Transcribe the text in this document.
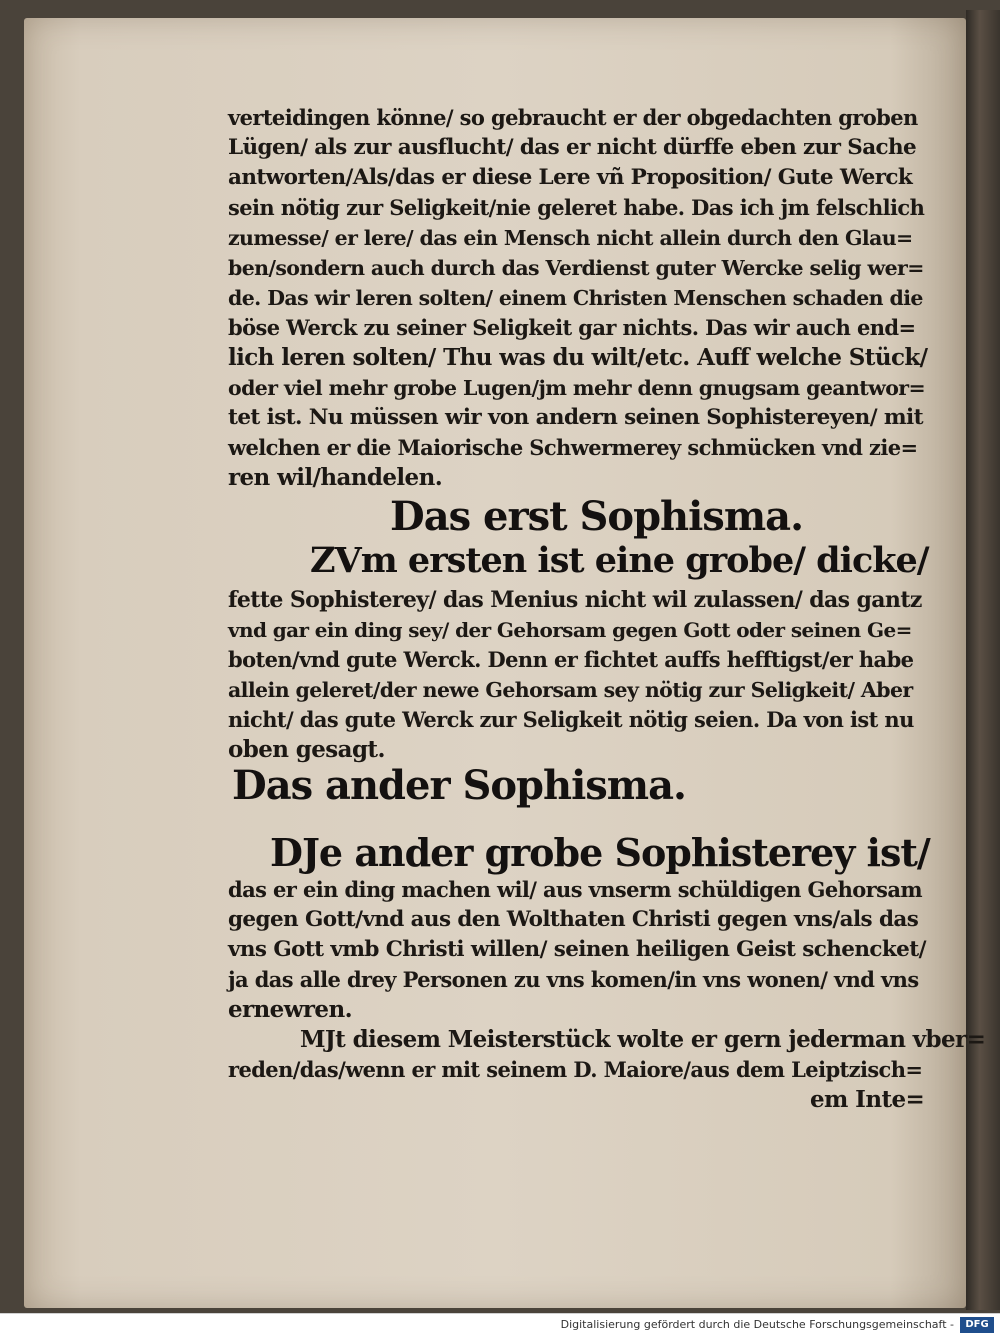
verteidingen könne/ so gebraucht er der obgedachten groben
Lügen/ als zur ausflucht/ das er nicht dürffe eben zur Sache
antworten/Als/das er diese Lere vñ Proposition/ Gute Werck
sein nötig zur Seligkeit/nie geleret habe. Das ich jm felschlich
zumesse/ er lere/ das ein Mensch nicht allein durch den Glau=
ben/sondern auch durch das Verdienst guter Wercke selig wer=
de. Das wir leren solten/ einem Christen Menschen schaden die
böse Werck zu seiner Seligkeit gar nichts. Das wir auch end=
lich leren solten/ Thu was du wilt/etc. Auff welche Stück/
oder viel mehr grobe Lugen/jm mehr denn gnugsam geantwor=
tet ist. Nu müssen wir von andern seinen Sophistereyen/ mit
welchen er die Maiorische Schwermerey schmücken vnd zie=
ren wil/handelen.
Das erst Sophisma.
ZVm ersten ist eine grobe/ dicke/
fette Sophisterey/ das Menius nicht wil zulassen/ das gantz
vnd gar ein ding sey/ der Gehorsam gegen Gott oder seinen Ge=
boten/vnd gute Werck. Denn er fichtet auffs hefftigst/er habe
allein geleret/der newe Gehorsam sey nötig zur Seligkeit/ Aber
nicht/ das gute Werck zur Seligkeit nötig seien. Da von ist nu
oben gesagt.
Das ander Sophisma.
DJe ander grobe Sophisterey ist/
das er ein ding machen wil/ aus vnserm schüldigen Gehorsam
gegen Gott/vnd aus den Wolthaten Christi gegen vns/als das
vns Gott vmb Christi willen/ seinen heiligen Geist schencket/
ja das alle drey Personen zu vns komen/in vns wonen/ vnd vns
ernewren.
MJt diesem Meisterstück wolte er gern jederman vber=
reden/das/wenn er mit seinem D. Maiore/aus dem Leiptzisch=
em Inte=
Digitalisierung gefördert durch die Deutsche Forschungsgemeinschaft -	DFG
